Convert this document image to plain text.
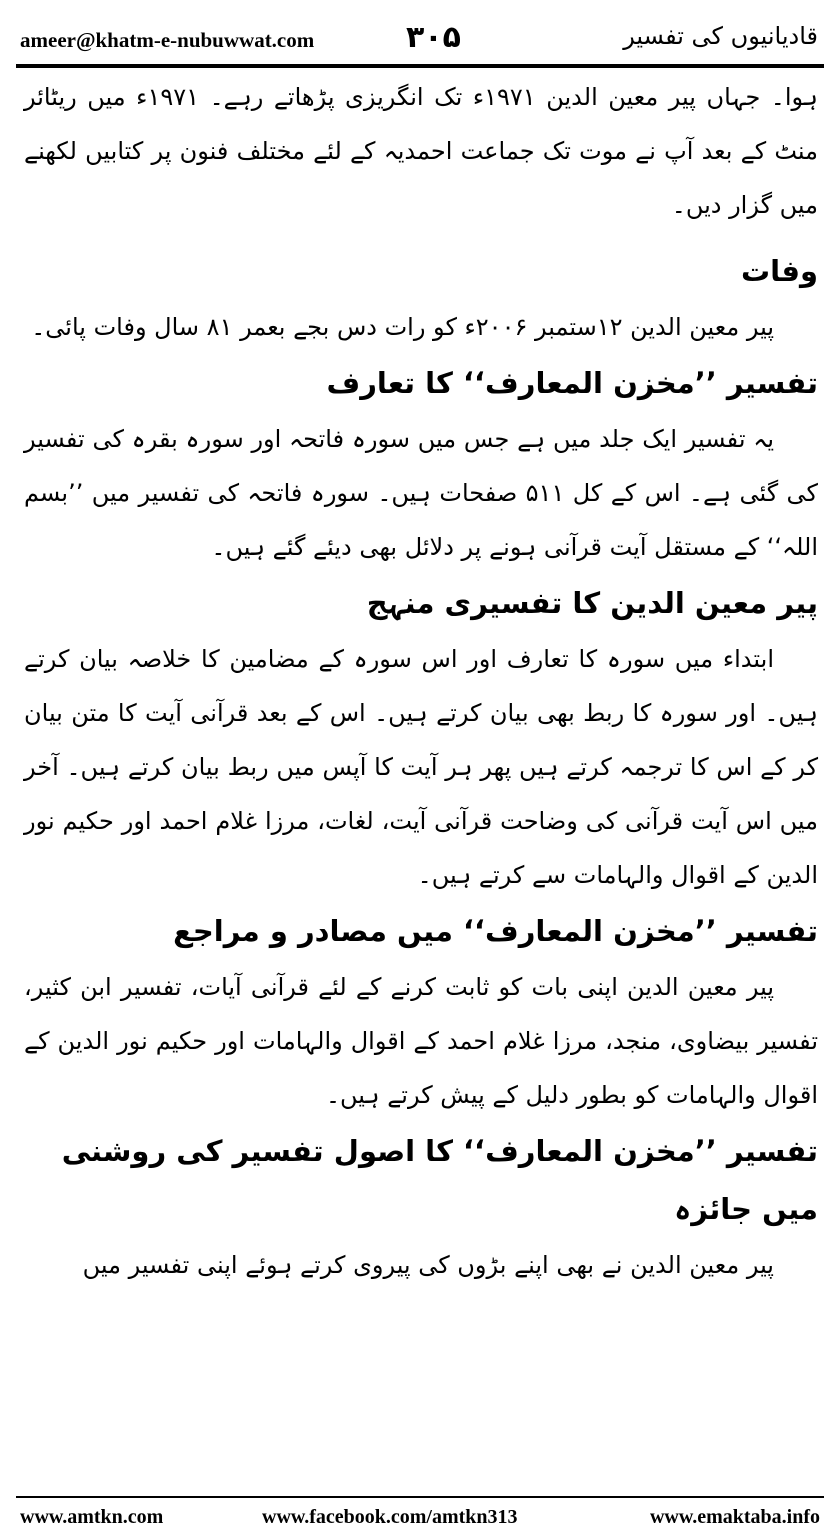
ameer@khatm-e-nubuwwat.com	۳۰۵	قادیانیوں کی تفسیر

ہوا۔ جہاں پیر معین الدین ۱۹۷۱ء تک انگریزی پڑھاتے رہے۔ ۱۹۷۱ء میں ریٹائر منٹ کے بعد آپ نے موت تک جماعت احمدیہ کے لئے مختلف فنون پر کتابیں لکھنے میں گزار دیں۔

وفات

پیر معین الدین ۱۲ستمبر ۲۰۰۶ء کو رات دس بجے بعمر ۸۱ سال وفات پائی۔

تفسیر ’’مخزن المعارف‘‘ کا تعارف

یہ تفسیر ایک جلد میں ہے جس میں سورہ فاتحہ اور سورہ بقرہ کی تفسیر کی گئی ہے۔ اس کے کل ۵۱۱ صفحات ہیں۔ سورہ فاتحہ کی تفسیر میں ’’بسم اللہ‘‘ کے مستقل آیت قرآنی ہونے پر دلائل بھی دیئے گئے ہیں۔

پیر معین الدین کا تفسیری منہج

ابتداء میں سورہ کا تعارف اور اس سورہ کے مضامین کا خلاصہ بیان کرتے ہیں۔ اور سورہ کا ربط بھی بیان کرتے ہیں۔ اس کے بعد قرآنی آیت کا متن بیان کر کے اس کا ترجمہ کرتے ہیں پھر ہر آیت کا آپس میں ربط بیان کرتے ہیں۔ آخر میں اس آیت قرآنی کی وضاحت قرآنی آیت، لغات، مرزا غلام احمد اور حکیم نور الدین کے اقوال والہامات سے کرتے ہیں۔

تفسیر ’’مخزن المعارف‘‘ میں مصادر و مراجع

پیر معین الدین اپنی بات کو ثابت کرنے کے لئے قرآنی آیات، تفسیر ابن کثیر، تفسیر بیضاوی، منجد، مرزا غلام احمد کے اقوال والہامات اور حکیم نور الدین کے اقوال والہامات کو بطور دلیل کے پیش کرتے ہیں۔

تفسیر ’’مخزن المعارف‘‘ کا اصول تفسیر کی روشنی میں جائزہ

پیر معین الدین نے بھی اپنے بڑوں کی پیروی کرتے ہوئے اپنی تفسیر میں

www.amtkn.com	www.facebook.com/amtkn313	www.emaktaba.info
